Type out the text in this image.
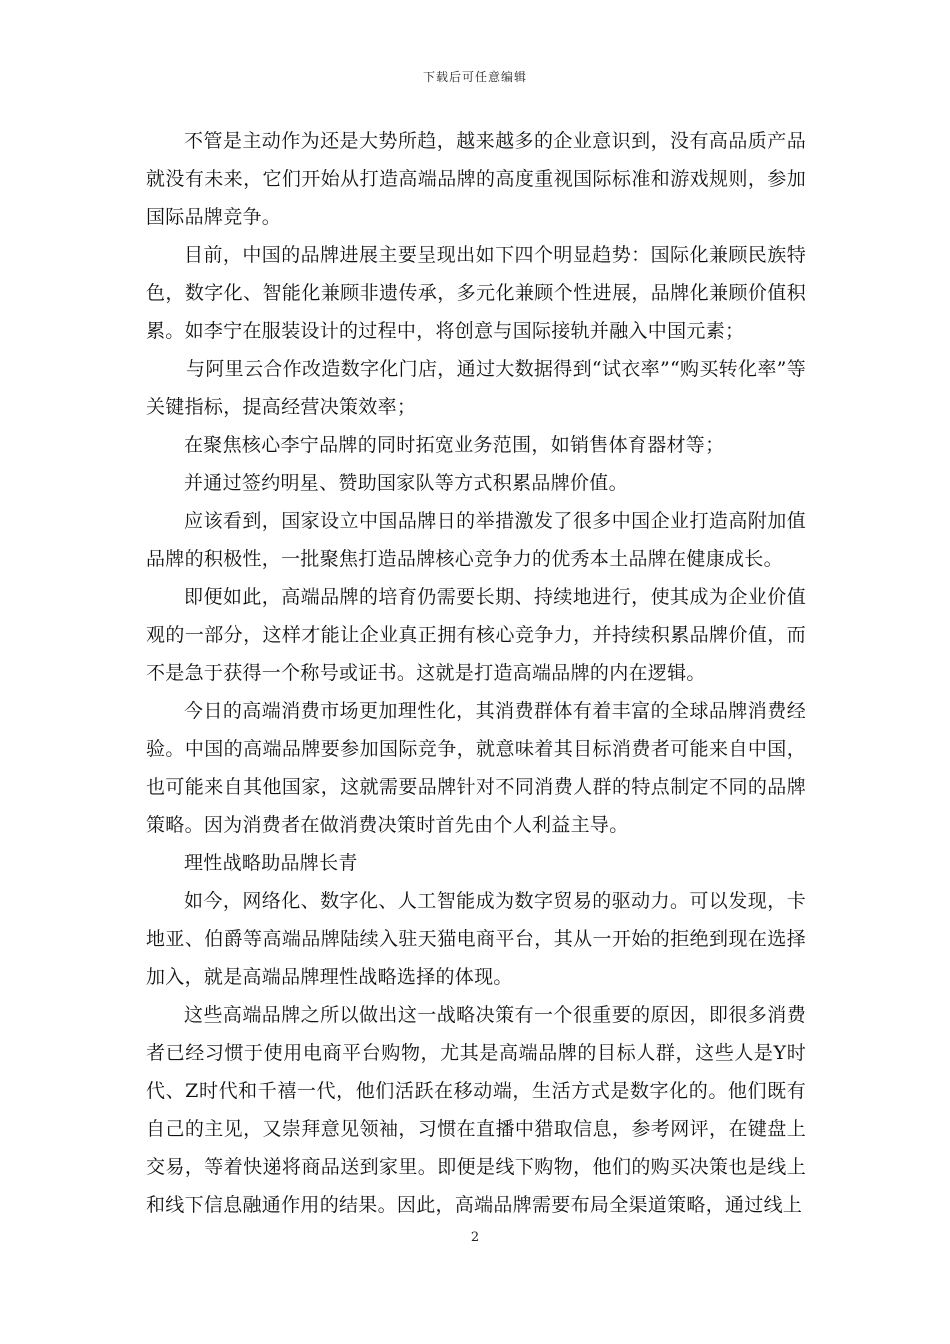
下载后可任意编辑

不管是主动作为还是大势所趋，越来越多的企业意识到，没有高品质产品就没有未来，它们开始从打造高端品牌的高度重视国际标准和游戏规则，参加国际品牌竞争。

目前，中国的品牌进展主要呈现出如下四个明显趋势：国际化兼顾民族特色，数字化、智能化兼顾非遗传承，多元化兼顾个性进展，品牌化兼顾价值积累。如李宁在服装设计的过程中，将创意与国际接轨并融入中国元素；

与阿里云合作改造数字化门店，通过大数据得到“试衣率”“购买转化率”等关键指标，提高经营决策效率；

在聚焦核心李宁品牌的同时拓宽业务范围，如销售体育器材等；

并通过签约明星、赞助国家队等方式积累品牌价值。

应该看到，国家设立中国品牌日的举措激发了很多中国企业打造高附加值品牌的积极性，一批聚焦打造品牌核心竞争力的优秀本土品牌在健康成长。

即便如此，高端品牌的培育仍需要长期、持续地进行，使其成为企业价值观的一部分，这样才能让企业真正拥有核心竞争力，并持续积累品牌价值，而不是急于获得一个称号或证书。这就是打造高端品牌的内在逻辑。

今日的高端消费市场更加理性化，其消费群体有着丰富的全球品牌消费经验。中国的高端品牌要参加国际竞争，就意味着其目标消费者可能来自中国，也可能来自其他国家，这就需要品牌针对不同消费人群的特点制定不同的品牌策略。因为消费者在做消费决策时首先由个人利益主导。

理性战略助品牌长青

如今，网络化、数字化、人工智能成为数字贸易的驱动力。可以发现，卡地亚、伯爵等高端品牌陆续入驻天猫电商平台，其从一开始的拒绝到现在选择加入，就是高端品牌理性战略选择的体现。

这些高端品牌之所以做出这一战略决策有一个很重要的原因，即很多消费者已经习惯于使用电商平台购物，尤其是高端品牌的目标人群，这些人是Y时代、Z时代和千禧一代，他们活跃在移动端，生活方式是数字化的。他们既有自己的主见，又崇拜意见领袖，习惯在直播中猎取信息，参考网评，在键盘上交易，等着快递将商品送到家里。即便是线下购物，他们的购买决策也是线上和线下信息融通作用的结果。因此，高端品牌需要布局全渠道策略，通过线上

2
